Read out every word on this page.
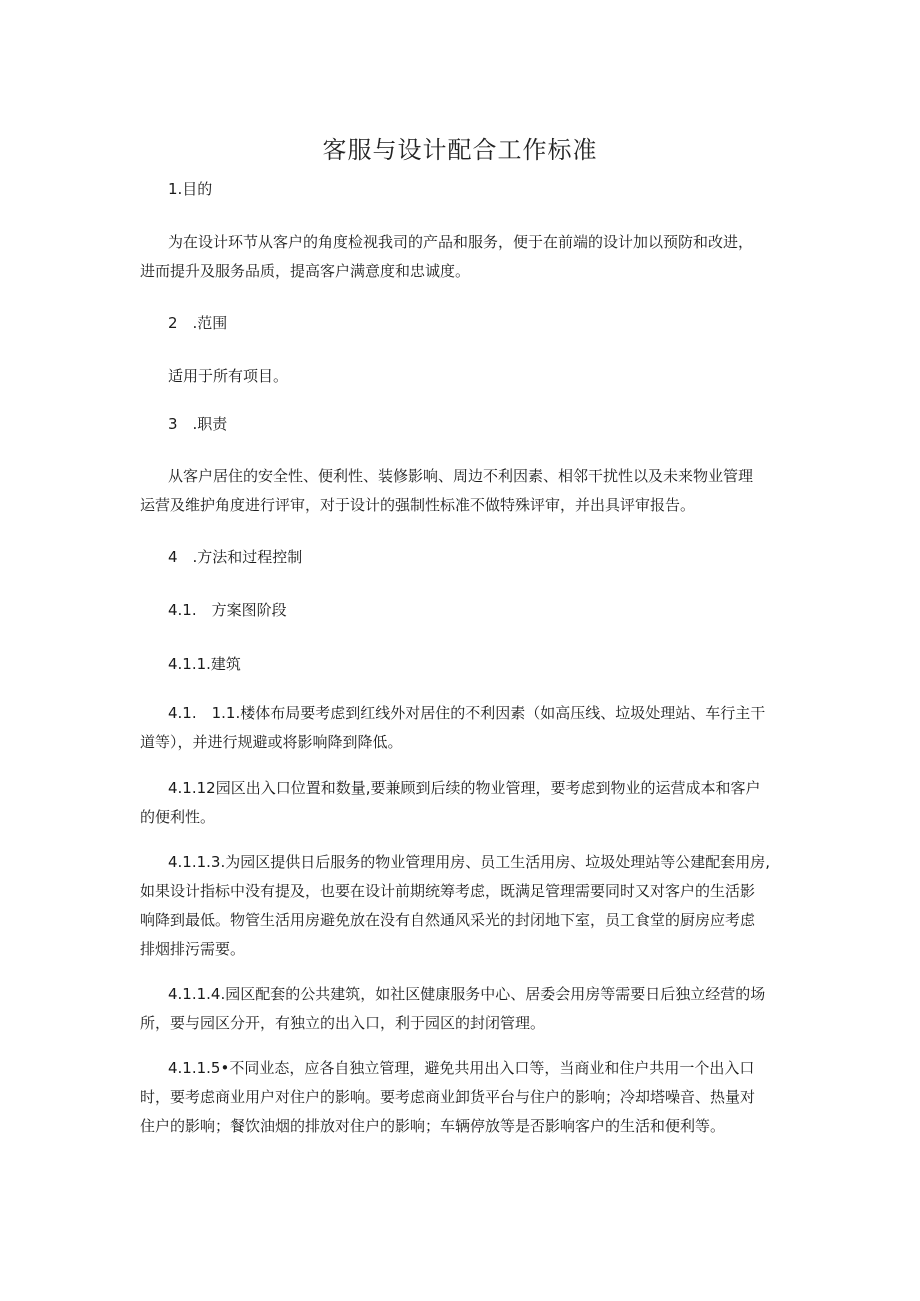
客服与设计配合工作标准

1.目的

为在设计环节从客户的角度检视我司的产品和服务，便于在前端的设计加以预防和改进，
进而提升及服务品质，提高客户满意度和忠诚度。

2　.范围

适用于所有项目。

3　.职责

从客户居住的安全性、便利性、装修影响、周边不利因素、相邻干扰性以及未来物业管理
运营及维护角度进行评审，对于设计的强制性标准不做特殊评审，并出具评审报告。

4　.方法和过程控制

4.1.　方案图阶段

4.1.1.建筑

4.1.　1.1.楼体布局要考虑到红线外对居住的不利因素（如高压线、垃圾处理站、车行主干
道等），并进行规避或将影响降到降低。

4.1.12园区出入口位置和数量,要兼顾到后续的物业管理，要考虑到物业的运营成本和客户
的便利性。

4.1.1.3.为园区提供日后服务的物业管理用房、员工生活用房、垃圾处理站等公建配套用房,
如果设计指标中没有提及，也要在设计前期统筹考虑，既满足管理需要同时又对客户的生活影
响降到最低。物管生活用房避免放在没有自然通风采光的封闭地下室，员工食堂的厨房应考虑
排烟排污需要。

4.1.1.4.园区配套的公共建筑，如社区健康服务中心、居委会用房等需要日后独立经营的场
所，要与园区分开，有独立的出入口，利于园区的封闭管理。

4.1.1.5•不同业态，应各自独立管理，避免共用出入口等，当商业和住户共用一个出入口
时，要考虑商业用户对住户的影响。要考虑商业卸货平台与住户的影响；冷却塔噪音、热量对
住户的影响；餐饮油烟的排放对住户的影响；车辆停放等是否影响客户的生活和便利等。
